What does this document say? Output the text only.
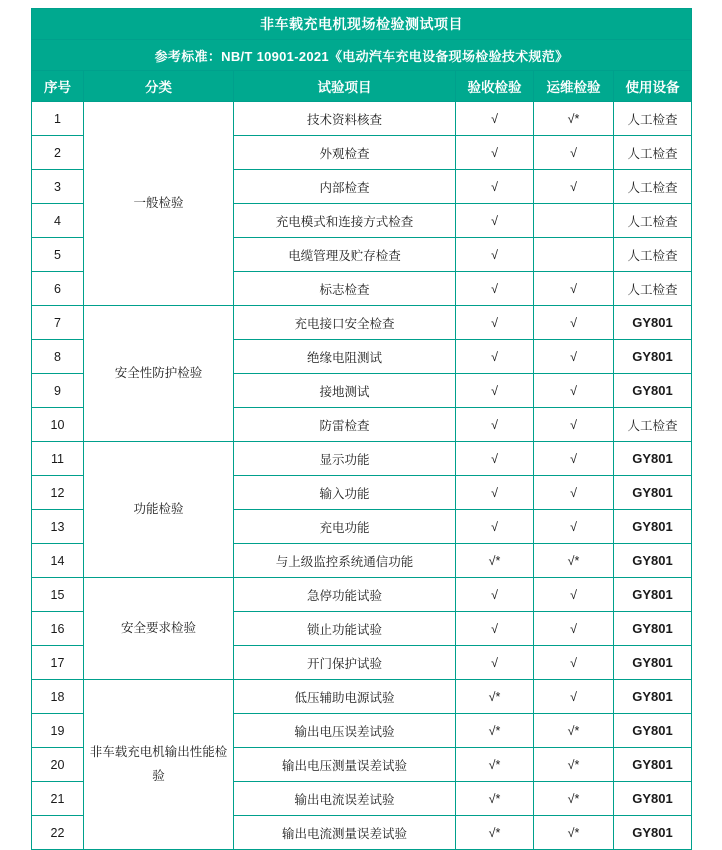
非车载充电机现场检验测试项目					
参考标准：NB/T 10901-2021《电动汽车充电设备现场检验技术规范》					
序号	分类	试验项目	验收检验	运维检验	使用设备
1	一般检验	技术资料核查	√	√*	人工检查
2		外观检查	√	√	人工检查
3		内部检查	√	√	人工检查
4		充电模式和连接方式检查	√		人工检查
5		电缆管理及贮存检查	√		人工检查
6		标志检查	√	√	人工检查
7	安全性防护检验	充电接口安全检查	√	√	GY801
8		绝缘电阻测试	√	√	GY801
9		接地测试	√	√	GY801
10		防雷检查	√	√	人工检查
11	功能检验	显示功能	√	√	GY801
12		输入功能	√	√	GY801
13		充电功能	√	√	GY801
14		与上级监控系统通信功能	√*	√*	GY801
15	安全要求检验	急停功能试验	√	√	GY801
16		锁止功能试验	√	√	GY801
17		开门保护试验	√	√	GY801
18	非车载充电机输出性能检验	低压辅助电源试验	√*	√	GY801
19		输出电压误差试验	√*	√*	GY801
20		输出电压测量误差试验	√*	√*	GY801
21		输出电流误差试验	√*	√*	GY801
22		输出电流测量误差试验	√*	√*	GY801
